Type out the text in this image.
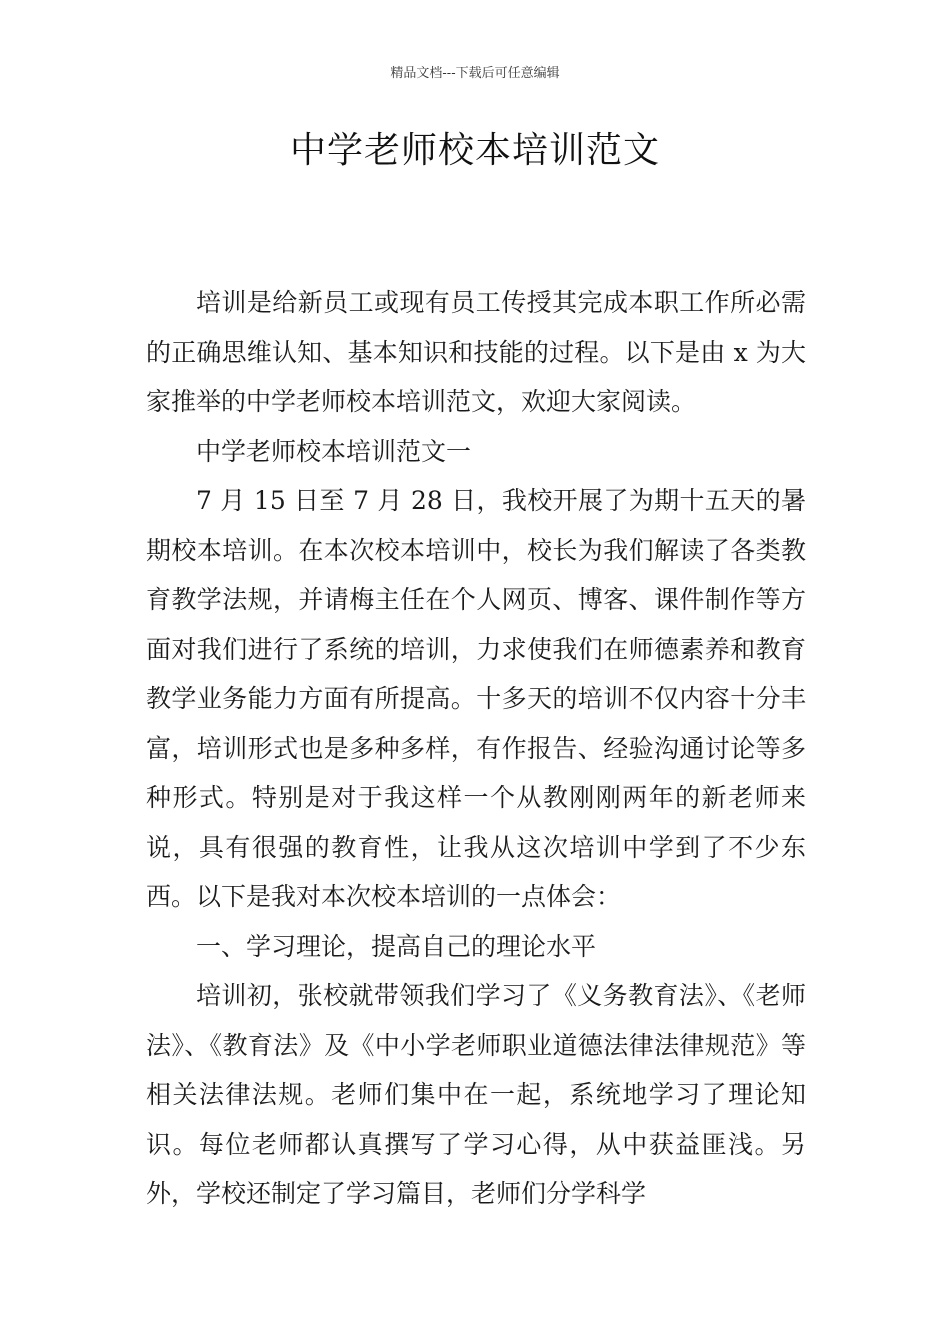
精品文档---下载后可任意编辑
中学老师校本培训范文

培训是给新员工或现有员工传授其完成本职工作所必需的正确思维认知、基本知识和技能的过程。以下是由 x 为大家推举的中学老师校本培训范文，欢迎大家阅读。

中学老师校本培训范文一

7 月 15 日至 7 月 28 日，我校开展了为期十五天的暑期校本培训。在本次校本培训中，校长为我们解读了各类教育教学法规，并请梅主任在个人网页、博客、课件制作等方面对我们进行了系统的培训，力求使我们在师德素养和教育教学业务能力方面有所提高。十多天的培训不仅内容十分丰富，培训形式也是多种多样，有作报告、经验沟通讨论等多种形式。特别是对于我这样一个从教刚刚两年的新老师来说，具有很强的教育性，让我从这次培训中学到了不少东西。以下是我对本次校本培训的一点体会：

一、学习理论，提高自己的理论水平

培训初，张校就带领我们学习了《义务教育法》、《老师法》、《教育法》及《中小学老师职业道德法律法律规范》等相关法律法规。老师们集中在一起，系统地学习了理论知识。每位老师都认真撰写了学习心得，从中获益匪浅。另外，学校还制定了学习篇目，老师们分学科学
